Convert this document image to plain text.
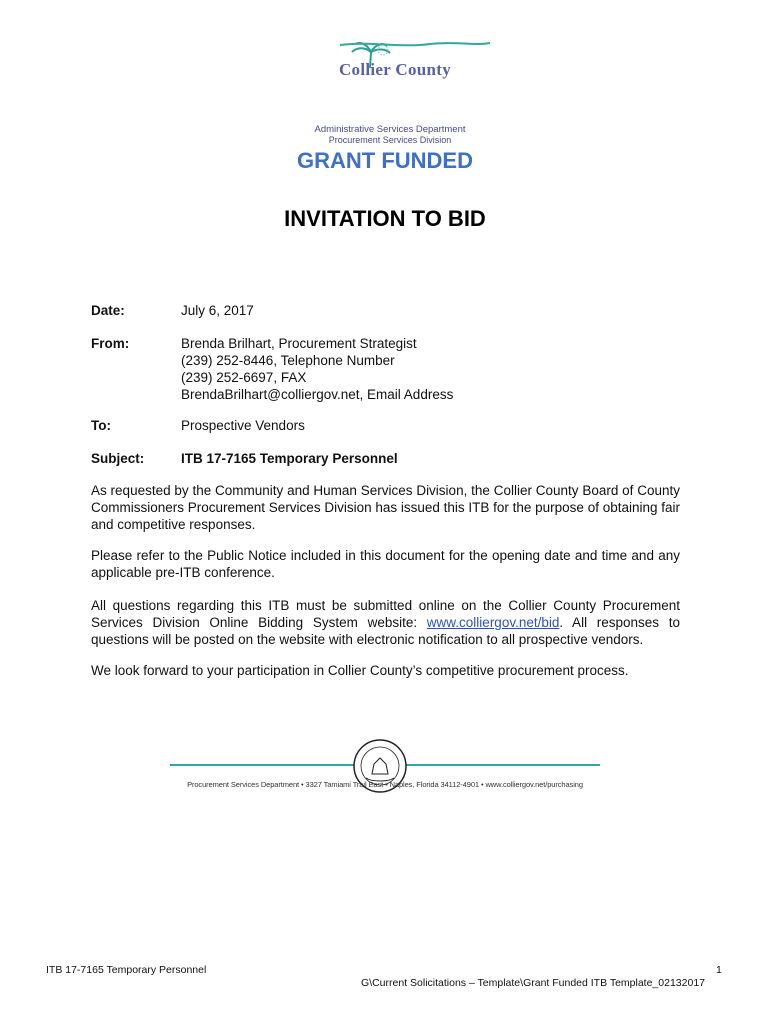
Collier County
Administrative Services Department
Procurement Services Division
GRANT FUNDED
INVITATION TO BID
Date:	July 6, 2017
From:	Brenda Brilhart, Procurement Strategist
(239) 252-8446, Telephone Number
(239) 252-6697, FAX
BrendaBrilhart@colliergov.net, Email Address
To:	Prospective Vendors
Subject:	ITB 17-7165 Temporary Personnel
As requested by the Community and Human Services Division, the Collier County Board of County Commissioners Procurement Services Division has issued this ITB for the purpose of obtaining fair and competitive responses.
Please refer to the Public Notice included in this document for the opening date and time and any applicable pre-ITB conference.
All questions regarding this ITB must be submitted online on the Collier County Procurement Services Division Online Bidding System website: www.colliergov.net/bid. All responses to questions will be posted on the website with electronic notification to all prospective vendors.
We look forward to your participation in Collier County’s competitive procurement process.
Procurement Services Department • 3327 Tamiami Trail East • Naples, Florida 34112-4901 • www.colliergov.net/purchasing
ITB 17-7165 Temporary Personnel	1
G\Current Solicitations – Template\Grant Funded ITB Template_02132017
